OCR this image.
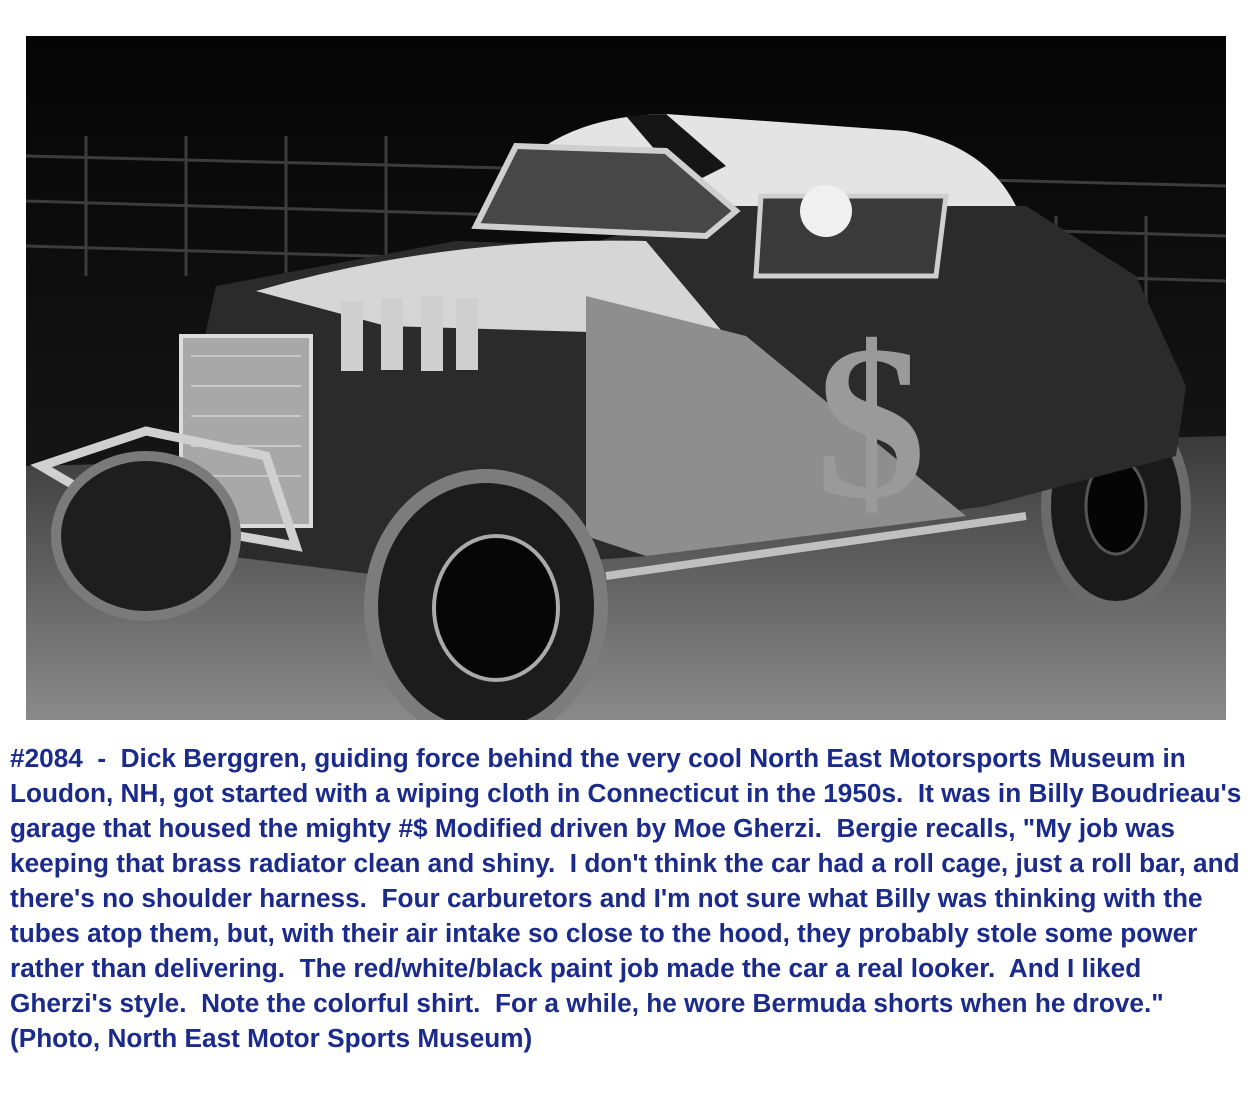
$

#2084  -  Dick Berggren, guiding force behind the very cool North East Motorsports Museum in Loudon, NH, got started with a wiping cloth in Connecticut in the 1950s.  It was in Billy Boudrieau's garage that housed the mighty #$ Modified driven by Moe Gherzi.  Bergie recalls, "My job was keeping that brass radiator clean and shiny.  I don't think the car had a roll cage, just a roll bar, and there's no shoulder harness.  Four carburetors and I'm not sure what Billy was thinking with the tubes atop them, but, with their air intake so close to the hood, they probably stole some power rather than delivering.  The red/white/black paint job made the car a real looker.  And I liked Gherzi's style.  Note the colorful shirt.  For a while, he wore Bermuda shorts when he drove." (Photo, North East Motor Sports Museum)
